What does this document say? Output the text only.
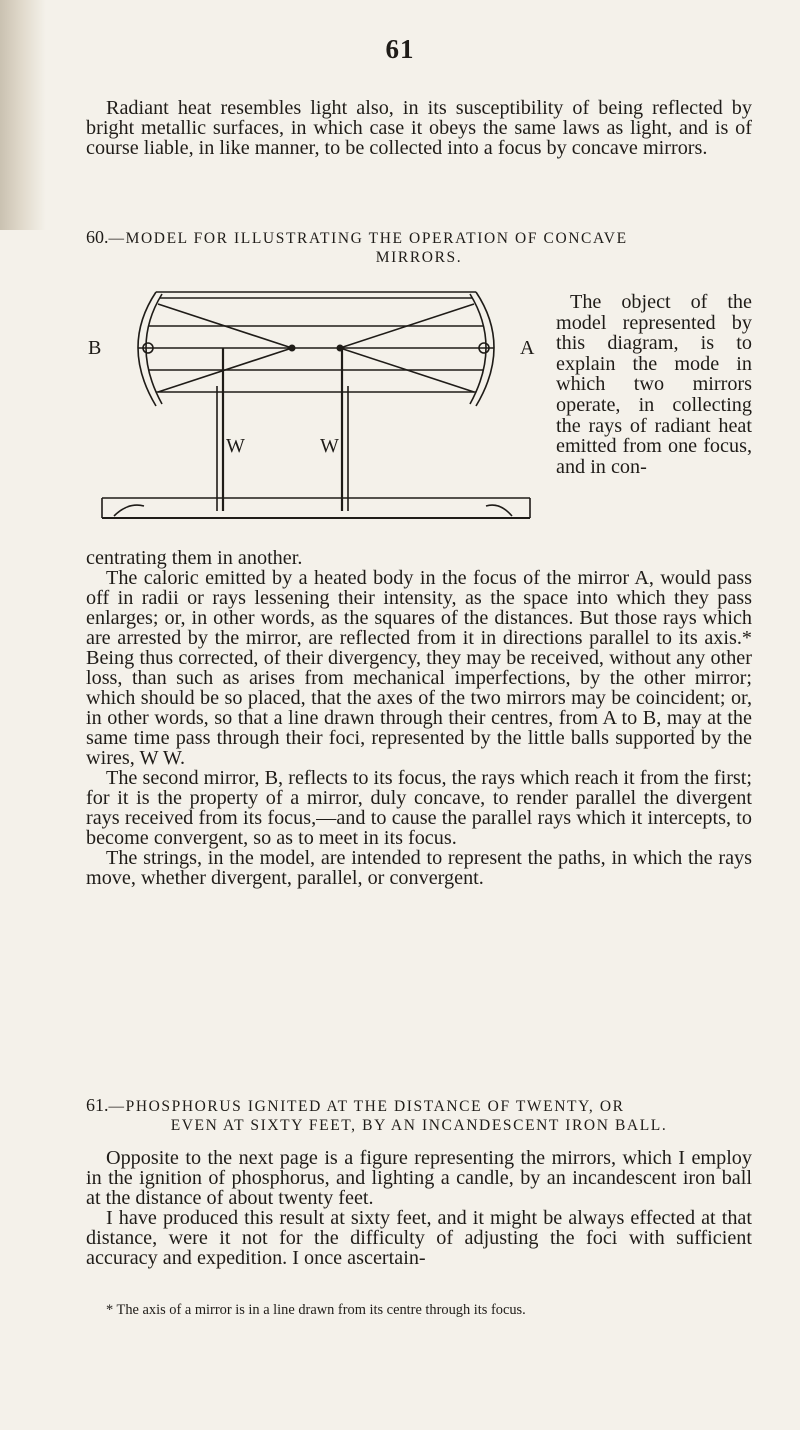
61

Radiant heat resembles light also, in its susceptibility of being reflected by bright metallic surfaces, in which case it obeys the same laws as light, and is of course liable, in like manner, to be collected into a focus by concave mirrors.

60.—MODEL FOR ILLUSTRATING THE OPERATION OF CONCAVE
MIRRORS.
B	A
W	W

The object of the model represented by this diagram, is to explain the mode in which two mirrors operate, in collecting the rays of radiant heat emitted from one focus, and in con-

centrating them in another.

The caloric emitted by a heated body in the focus of the mirror A, would pass off in radii or rays lessening their intensity, as the space into which they pass enlarges; or, in other words, as the squares of the distances. But those rays which are arrested by the mirror, are reflected from it in directions parallel to its axis.* Being thus corrected, of their divergency, they may be received, without any other loss, than such as arises from mechanical imperfections, by the other mirror; which should be so placed, that the axes of the two mirrors may be coincident; or, in other words, so that a line drawn through their centres, from A to B, may at the same time pass through their foci, represented by the little balls supported by the wires, W W.

The second mirror, B, reflects to its focus, the rays which reach it from the first; for it is the property of a mirror, duly concave, to render parallel the divergent rays received from its focus,—and to cause the parallel rays which it intercepts, to become convergent, so as to meet in its focus.

The strings, in the model, are intended to represent the paths, in which the rays move, whether divergent, parallel, or convergent.

61.—PHOSPHORUS IGNITED AT THE DISTANCE OF TWENTY, OR
EVEN AT SIXTY FEET, BY AN INCANDESCENT IRON BALL.

Opposite to the next page is a figure representing the mirrors, which I employ in the ignition of phosphorus, and lighting a candle, by an incandescent iron ball at the distance of about twenty feet.

I have produced this result at sixty feet, and it might be always effected at that distance, were it not for the difficulty of adjusting the foci with sufficient accuracy and expedition. I once ascertain-

* The axis of a mirror is in a line drawn from its centre through its focus.
